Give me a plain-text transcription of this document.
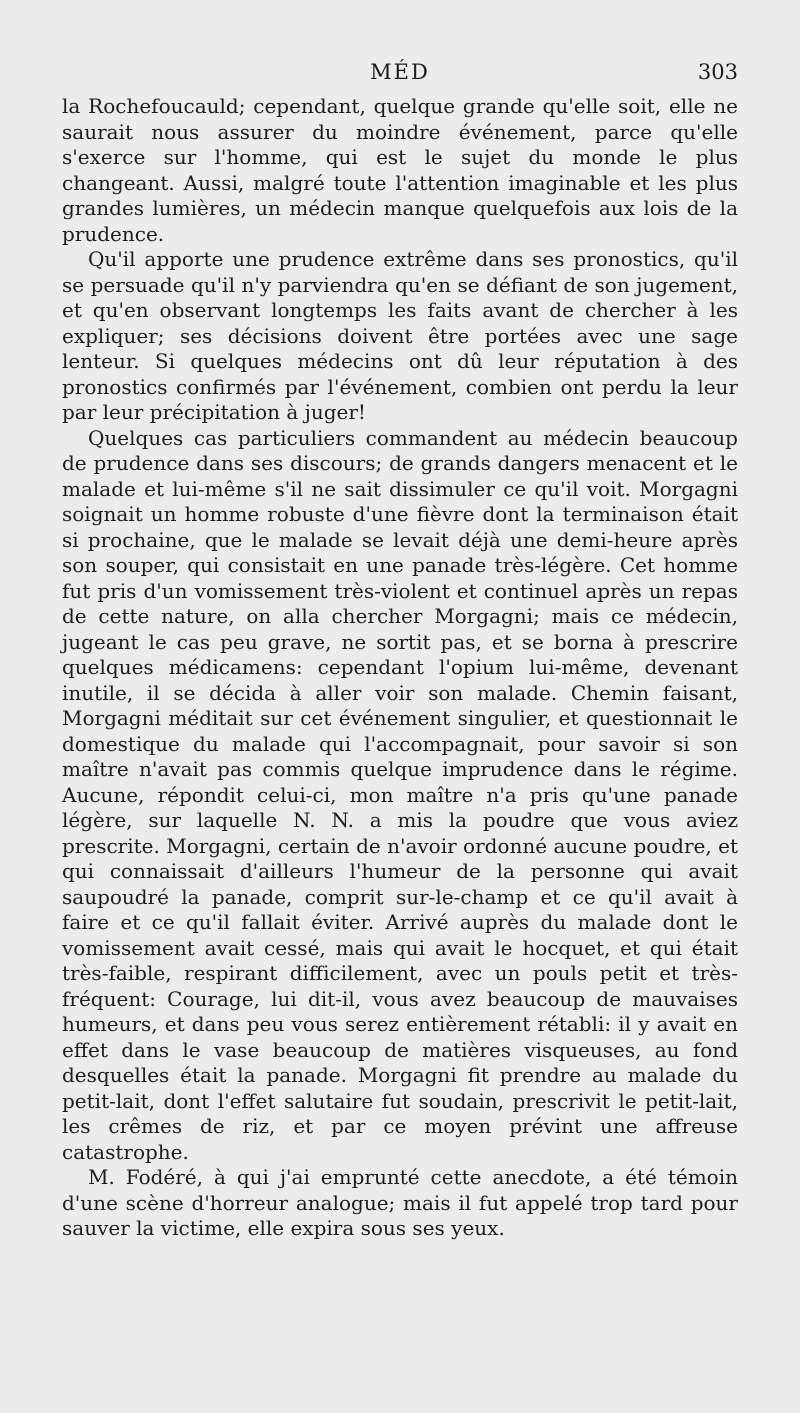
MÉD	303

la Rochefoucauld; cependant, quelque grande qu'elle soit, elle ne saurait nous assurer du moindre événement, parce qu'elle s'exerce sur l'homme, qui est le sujet du monde le plus changeant. Aussi, malgré toute l'attention imaginable et les plus grandes lumières, un médecin manque quelquefois aux lois de la prudence.

Qu'il apporte une prudence extrême dans ses pronostics, qu'il se persuade qu'il n'y parviendra qu'en se défiant de son jugement, et qu'en observant longtemps les faits avant de chercher à les expliquer; ses décisions doivent être portées avec une sage lenteur. Si quelques médecins ont dû leur réputation à des pronostics confirmés par l'événement, combien ont perdu la leur par leur précipitation à juger!

Quelques cas particuliers commandent au médecin beaucoup de prudence dans ses discours; de grands dangers menacent et le malade et lui-même s'il ne sait dissimuler ce qu'il voit. Morgagni soignait un homme robuste d'une fièvre dont la terminaison était si prochaine, que le malade se levait déjà une demi-heure après son souper, qui consistait en une panade très-légère. Cet homme fut pris d'un vomissement très-violent et continuel après un repas de cette nature, on alla chercher Morgagni; mais ce médecin, jugeant le cas peu grave, ne sortit pas, et se borna à prescrire quelques médicamens: cependant l'opium lui-même, devenant inutile, il se décida à aller voir son malade. Chemin faisant, Morgagni méditait sur cet événement singulier, et questionnait le domestique du malade qui l'accompagnait, pour savoir si son maître n'avait pas commis quelque imprudence dans le régime. Aucune, répondit celui-ci, mon maître n'a pris qu'une panade légère, sur laquelle N. N. a mis la poudre que vous aviez prescrite. Morgagni, certain de n'avoir ordonné aucune poudre, et qui connaissait d'ailleurs l'humeur de la personne qui avait saupoudré la panade, comprit sur-le-champ et ce qu'il avait à faire et ce qu'il fallait éviter. Arrivé auprès du malade dont le vomissement avait cessé, mais qui avait le hocquet, et qui était très-faible, respirant difficilement, avec un pouls petit et très-fréquent: Courage, lui dit-il, vous avez beaucoup de mauvaises humeurs, et dans peu vous serez entièrement rétabli: il y avait en effet dans le vase beaucoup de matières visqueuses, au fond desquelles était la panade. Morgagni fit prendre au malade du petit-lait, dont l'effet salutaire fut soudain, prescrivit le petit-lait, les crêmes de riz, et par ce moyen prévint une affreuse catastrophe.

M. Fodéré, à qui j'ai emprunté cette anecdote, a été témoin d'une scène d'horreur analogue; mais il fut appelé trop tard pour sauver la victime, elle expira sous ses yeux.
